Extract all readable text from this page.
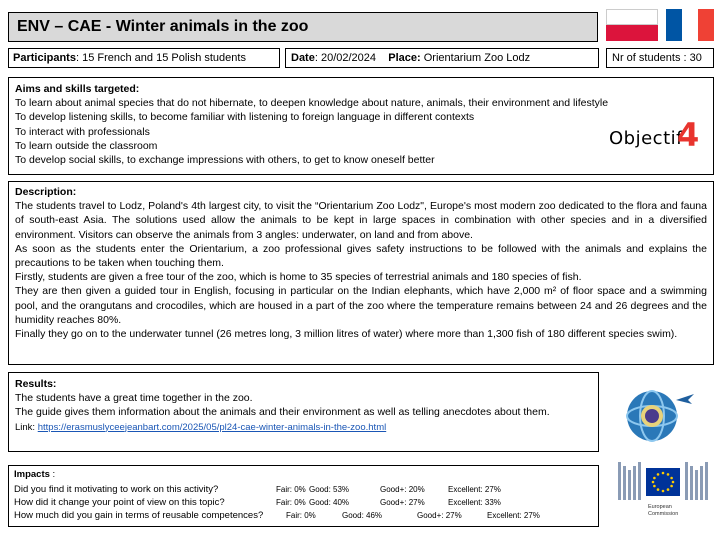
ENV – CAE - Winter animals in the zoo
Participants: 15 French and 15 Polish students	Date: 20/02/2024 Place: Orientarium Zoo Lodz	Nr of students : 30

Aims and skills targeted:

To learn about animal species that do not hibernate, to deepen knowledge about nature, animals, their environment and lifestyle

To develop listening skills, to become familiar with listening to foreign language in different contexts

To interact with professionals

To learn outside the classroom

To develop social skills, to exchange impressions with others, to get to know oneself better

Objectif
4

Description:

The students travel to Lodz, Poland's 4th largest city, to visit the “Orientarium Zoo Lodz", Europe's most modern zoo dedicated to the flora and fauna of south-east Asia. The solutions used allow the animals to be kept in large spaces in combination with other species and in a diversified environment. Visitors can observe the animals from 3 angles: underwater, on land and from above.

As soon as the students enter the Orientarium, a zoo professional gives safety instructions to be followed with the animals and explains the precautions to be taken when touching them.

Firstly, students are given a free tour of the zoo, which is home to 35 species of terrestrial animals and 180 species of fish.

They are then given a guided tour in English, focusing in particular on the Indian elephants, which have 2,000 m² of floor space and a swimming pool, and the orangutans and crocodiles, which are housed in a part of the zoo where the temperature remains between 24 and 26 degrees and the humidity reaches 80%.

Finally they go on to the underwater tunnel (26 metres long, 3 million litres of water) where more than 1,300 fish of 180 different species swim).

Results:

The students have a great time together in the zoo.

The guide gives them information about the animals and their environment as well as telling anecdotes about them.

Link: https://erasmuslyceejeanbart.com/2025/05/pl24-cae-winter-animals-in-the-zoo.html

Impacts :
Did you find it motivating to work on this activity?	Fair: 0% Good: 53%	Good+: 20%	Excellent: 27%
How did it change your point of view on this topic?	Fair: 0% Good: 40%	Good+: 27%	Excellent: 33%
How much did you gain in terms of reusable competences?	Fair: 0%	Good: 46%	Good+: 27%	Excellent: 27%
European
Commission
